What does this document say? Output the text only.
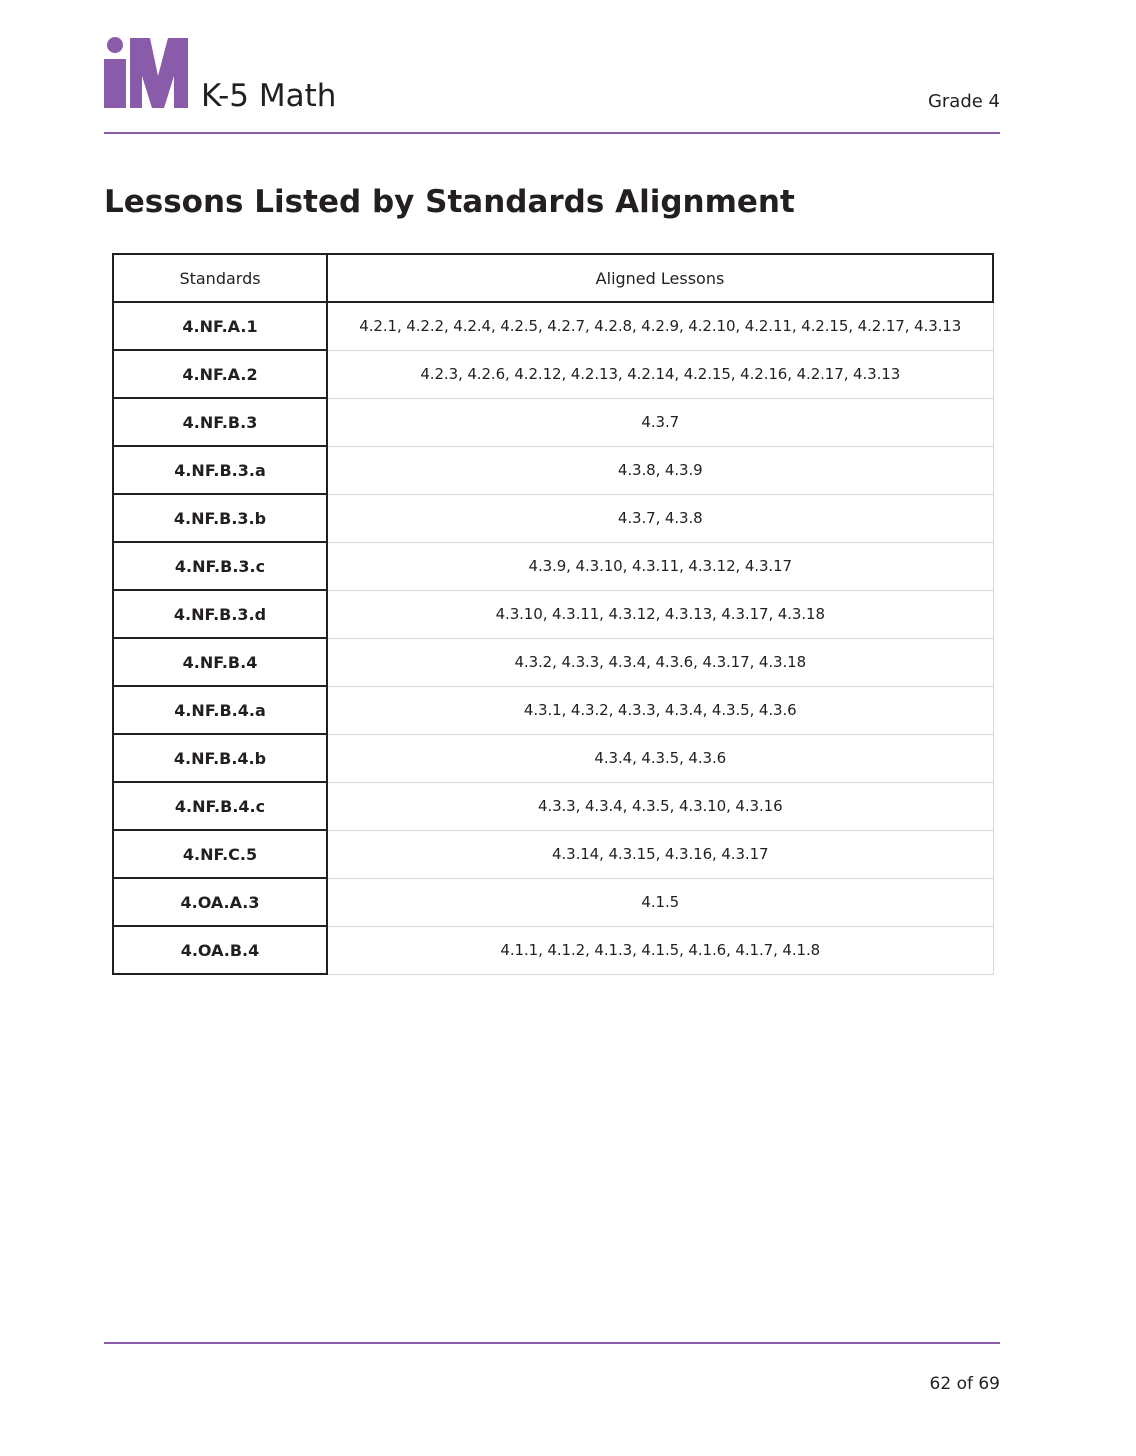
K-5 Math	Grade 4
Lessons Listed by Standards Alignment
Standards	Aligned Lessons
4.NF.A.1	4.2.1, 4.2.2, 4.2.4, 4.2.5, 4.2.7, 4.2.8, 4.2.9, 4.2.10, 4.2.11, 4.2.15, 4.2.17, 4.3.13
4.NF.A.2	4.2.3, 4.2.6, 4.2.12, 4.2.13, 4.2.14, 4.2.15, 4.2.16, 4.2.17, 4.3.13
4.NF.B.3	4.3.7
4.NF.B.3.a	4.3.8, 4.3.9
4.NF.B.3.b	4.3.7, 4.3.8
4.NF.B.3.c	4.3.9, 4.3.10, 4.3.11, 4.3.12, 4.3.17
4.NF.B.3.d	4.3.10, 4.3.11, 4.3.12, 4.3.13, 4.3.17, 4.3.18
4.NF.B.4	4.3.2, 4.3.3, 4.3.4, 4.3.6, 4.3.17, 4.3.18
4.NF.B.4.a	4.3.1, 4.3.2, 4.3.3, 4.3.4, 4.3.5, 4.3.6
4.NF.B.4.b	4.3.4, 4.3.5, 4.3.6
4.NF.B.4.c	4.3.3, 4.3.4, 4.3.5, 4.3.10, 4.3.16
4.NF.C.5	4.3.14, 4.3.15, 4.3.16, 4.3.17
4.OA.A.3	4.1.5
4.OA.B.4	4.1.1, 4.1.2, 4.1.3, 4.1.5, 4.1.6, 4.1.7, 4.1.8
62 of 69
